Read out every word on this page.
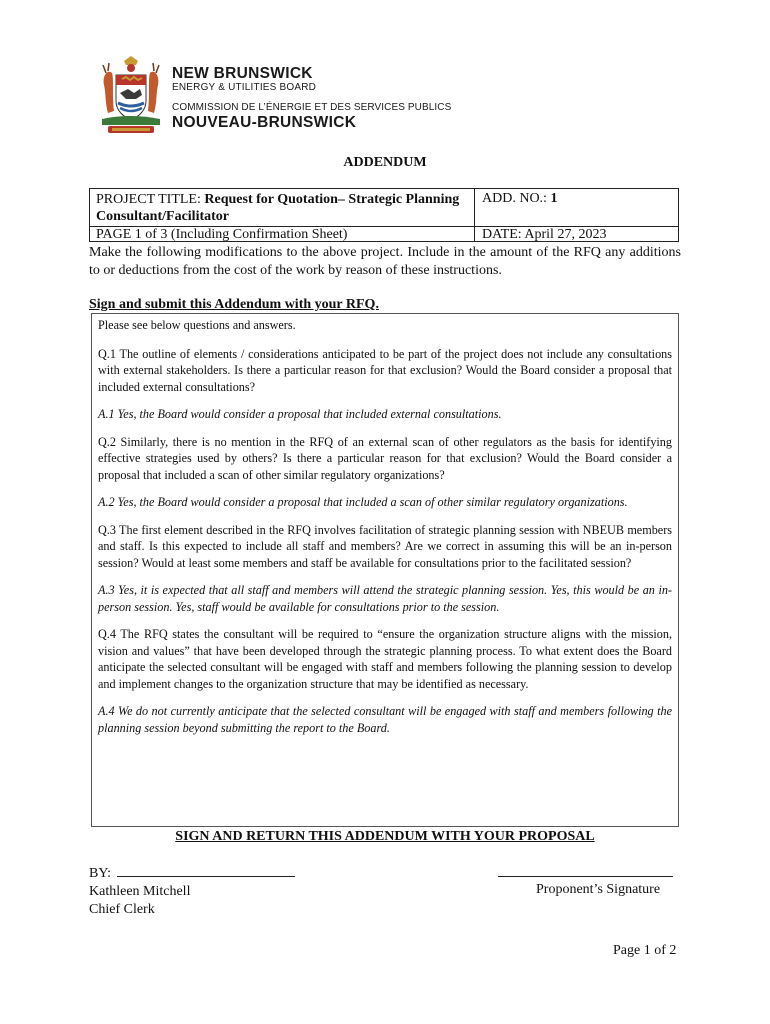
NEW BRUNSWICK
ENERGY & UTILITIES BOARD
COMMISSION DE L’ÉNERGIE ET DES SERVICES PUBLICS
NOUVEAU-BRUNSWICK
ADDENDUM
PROJECT TITLE: Request for Quotation– Strategic Planning Consultant/Facilitator
ADD. NO.: 1
PAGE 1 of 3 (Including Confirmation Sheet)	DATE: April 27, 2023
Make the following modifications to the above project. Include in the amount of the RFQ any additions to or deductions from the cost of the work by reason of these instructions.
Sign and submit this Addendum with your RFQ.

Please see below questions and answers.

Q.1 The outline of elements / considerations anticipated to be part of the project does not include any consultations with external stakeholders. Is there a particular reason for that exclusion? Would the Board consider a proposal that included external consultations?

A.1 Yes, the Board would consider a proposal that included external consultations.

Q.2 Similarly, there is no mention in the RFQ of an external scan of other regulators as the basis for identifying effective strategies used by others? Is there a particular reason for that exclusion? Would the Board consider a proposal that included a scan of other similar regulatory organizations?

A.2 Yes, the Board would consider a proposal that included a scan of other similar regulatory organizations.

Q.3 The first element described in the RFQ involves facilitation of strategic planning session with NBEUB members and staff. Is this expected to include all staff and members? Are we correct in assuming this will be an in-person session? Would at least some members and staff be available for consultations prior to the facilitated session?

A.3 Yes, it is expected that all staff and members will attend the strategic planning session. Yes, this would be an in-person session. Yes, staff would be available for consultations prior to the session.

Q.4 The RFQ states the consultant will be required to “ensure the organization structure aligns with the mission, vision and values” that have been developed through the strategic planning process. To what extent does the Board anticipate the selected consultant will be engaged with staff and members following the planning session to develop and implement changes to the organization structure that may be identified as necessary.

A.4 We do not currently anticipate that the selected consultant will be engaged with staff and members following the planning session beyond submitting the report to the Board.

SIGN AND RETURN THIS ADDENDUM WITH YOUR PROPOSAL
BY:
Kathleen Mitchell
Chief Clerk
Proponent’s Signature
Page 1 of 2
